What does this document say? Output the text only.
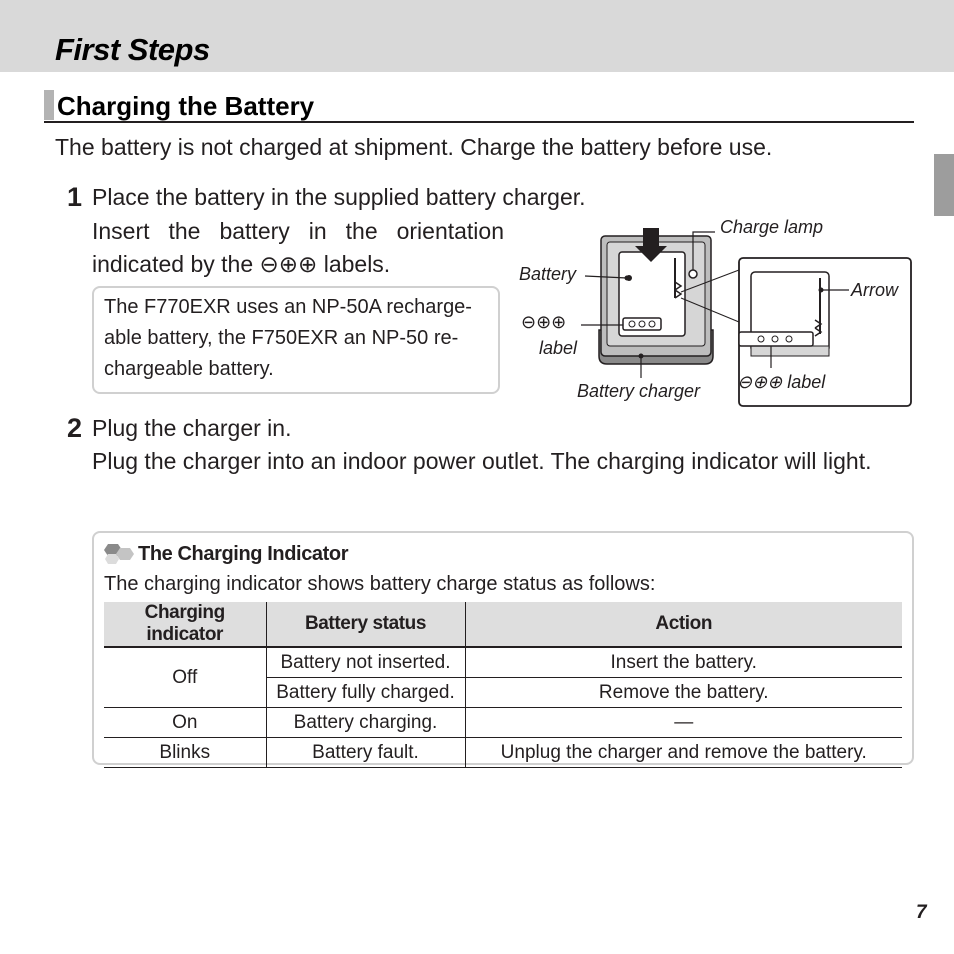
First Steps
Charging the Battery

The battery is not charged at shipment. Charge the battery before use.

1 Place the battery in the supplied battery charger.

Insert the battery in the orientation indicated by the ⊖⊕⊕ labels.

The F770EXR uses an NP-50A recharge-able battery, the F750EXR an NP-50 re-chargeable battery.

Charge lamp

Battery

⊖⊕⊕

label

Arrow

⊖⊕⊕ label

Battery charger

2 Plug the charger in.

Plug the charger into an indoor power outlet. The charging indicator will light.

The Charging Indicator

The charging indicator shows battery charge status as follows:

Charging indicator	Battery status	Action
Off	Battery not inserted.	Insert the battery.
	Battery fully charged.	Remove the battery.
On	Battery charging.	—
Blinks	Battery fault.	Unplug the charger and remove the battery.
7
